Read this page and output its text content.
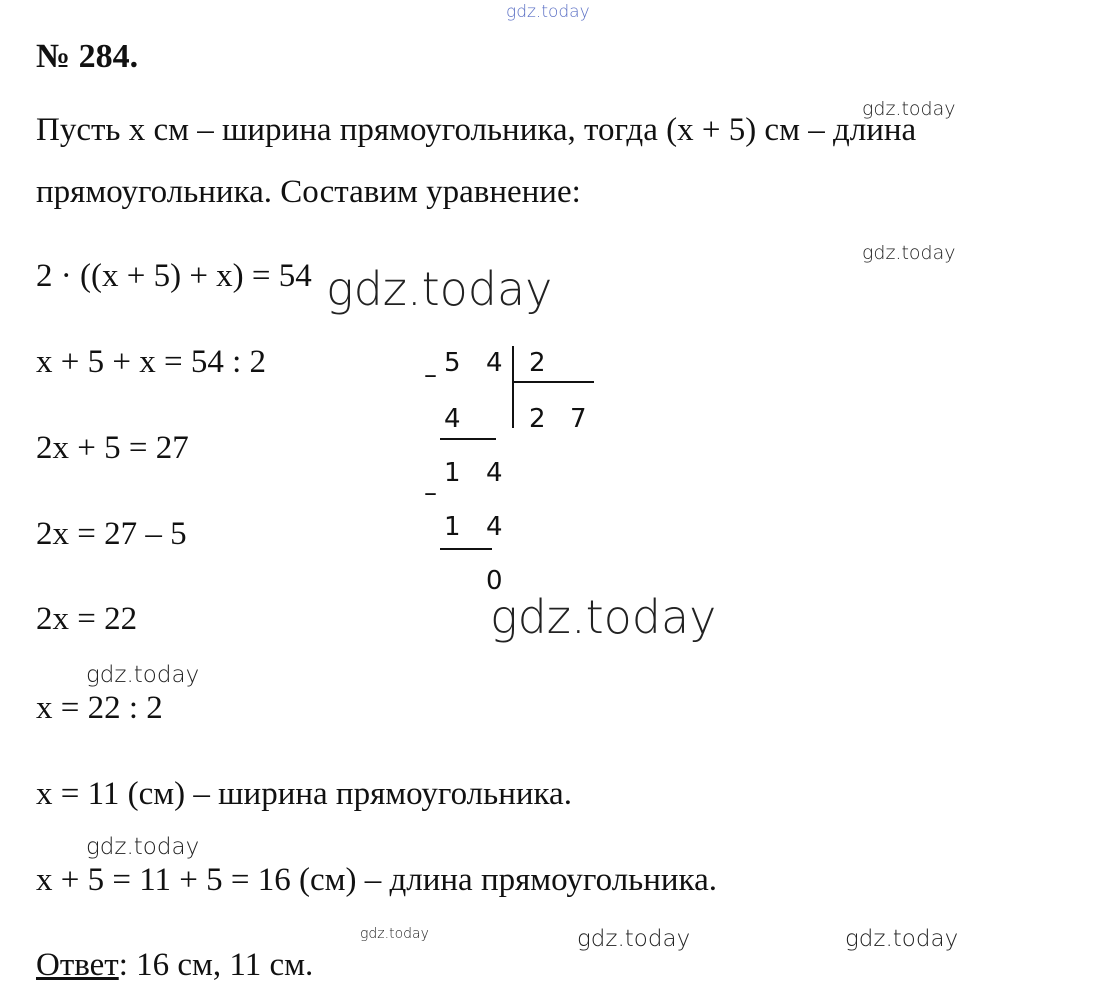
gdz.today
№ 284.
Пусть x см – ширина прямоугольника, тогда (x + 5) см – длина
прямоугольника. Составим уравнение:
2 · ((x + 5) + x) = 54
x + 5 + x = 54 : 2
2x + 5 = 27
2x = 27 – 5
2x = 22
x = 22 : 2
x = 11 (см) – ширина прямоугольника.
x + 5 = 11 + 5 = 16 (см) – длина прямоугольника.
Ответ: 16 см, 11 см.
– 5 4 2
2 7
4
–
1 4
1 4
0
gdz.today
gdz.today
gdz.today
gdz.today
gdz.today
gdz.today
gdz.today	gdz.today	gdz.today
